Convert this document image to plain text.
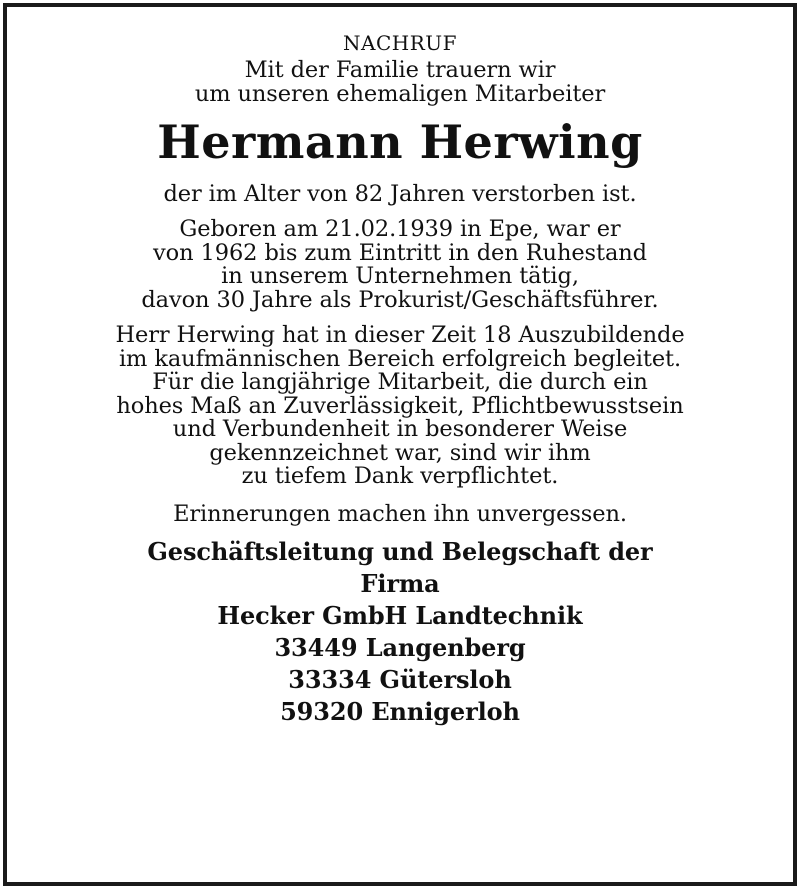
NACHRUF
Mit der Familie trauern wir
um unseren ehemaligen Mitarbeiter
Hermann Herwing
der im Alter von 82 Jahren verstorben ist.
Geboren am 21.02.1939 in Epe, war er
von 1962 bis zum Eintritt in den Ruhestand
in unserem Unternehmen tätig,
davon 30 Jahre als Prokurist/Geschäftsführer.
Herr Herwing hat in dieser Zeit 18 Auszubildende
im kaufmännischen Bereich erfolgreich begleitet.
Für die langjährige Mitarbeit, die durch ein
hohes Maß an Zuverlässigkeit, Pflichtbewusstsein
und Verbundenheit in besonderer Weise
gekennzeichnet war, sind wir ihm
zu tiefem Dank verpflichtet.
Erinnerungen machen ihn unvergessen.
Geschäftsleitung und Belegschaft der
Firma
Hecker GmbH Landtechnik
33449 Langenberg
33334 Gütersloh
59320 Ennigerloh
